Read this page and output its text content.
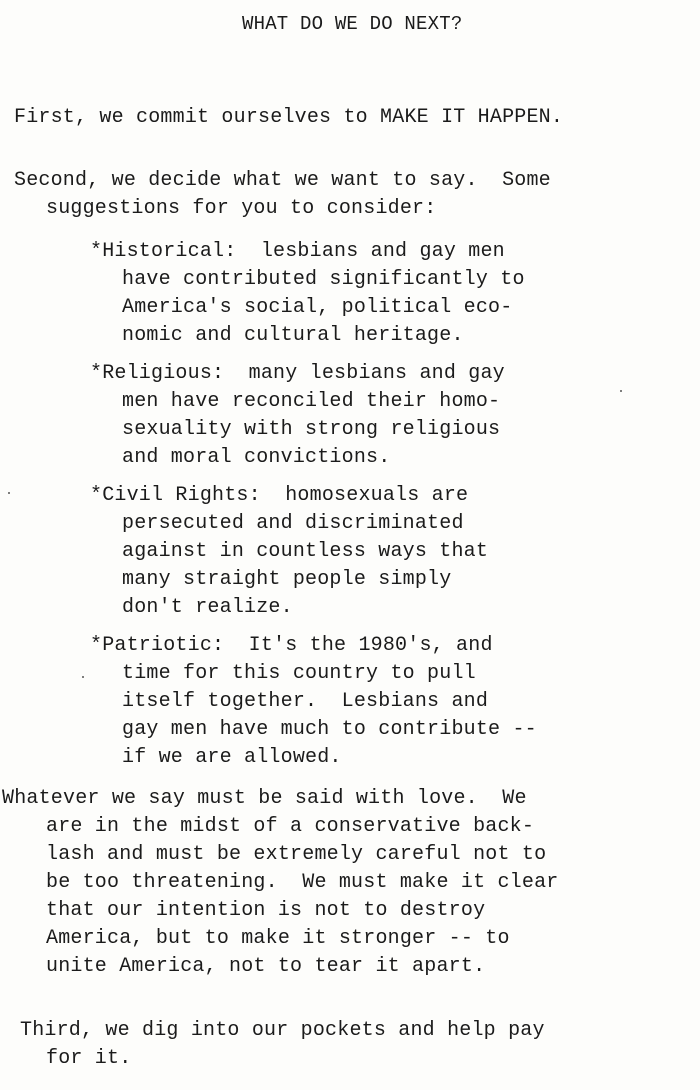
WHAT DO WE DO NEXT?
First, we commit ourselves to MAKE IT HAPPEN.
Second, we decide what we want to say.  Some
suggestions for you to consider:
*Historical:  lesbians and gay men
have contributed significantly to
America's social, political eco-
nomic and cultural heritage.
*Religious:  many lesbians and gay
men have reconciled their homo-
sexuality with strong religious
and moral convictions.
*Civil Rights:  homosexuals are
persecuted and discriminated
against in countless ways that
many straight people simply
don't realize.
*Patriotic:  It's the 1980's, and
time for this country to pull
itself together.  Lesbians and
gay men have much to contribute --
if we are allowed.
Whatever we say must be said with love.  We
are in the midst of a conservative back-
lash and must be extremely careful not to
be too threatening.  We must make it clear
that our intention is not to destroy
America, but to make it stronger -- to
unite America, not to tear it apart.
Third, we dig into our pockets and help pay
for it.
